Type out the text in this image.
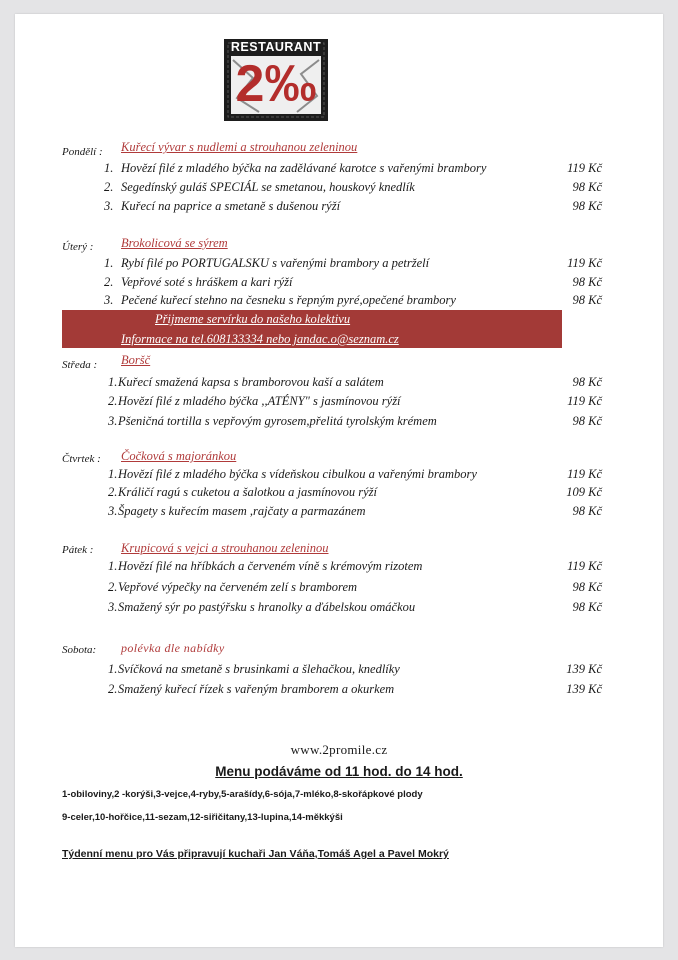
RESTAURANT
2‰
Pondělí : Kuřecí vývar s nudlemi a strouhanou zeleninou
1. Hovězí filé z mladého býčka na zadělávané karotce s vařenými brambory	119 Kč
2. Segedínský guláš SPECIÁL se smetanou, houskový knedlík	98 Kč
3. Kuřecí na paprice a smetaně s dušenou rýží	98 Kč
Úterý : Brokolicová se sýrem
1. Rybí filé po PORTUGALSKU s vařenými brambory a petrželí	119 Kč
2. Vepřové soté s hráškem a kari rýží	98 Kč
3. Pečené kuřecí stehno na česneku s řepným pyré,opečené brambory	98 Kč
Přijmeme servírku do našeho kolektivu
Informace na tel.608133334 nebo jandac.o@seznam.cz
Středa : Boršč
1. Kuřecí smažená kapsa s bramborovou kaší a salátem	98 Kč
2. Hovězí filé z mladého býčka ,,ATÉNY" s jasmínovou rýží	119 Kč
3. Pšeničná tortilla s vepřovým gyrosem,přelitá tyrolským krémem	98 Kč
Čtvrtek : Čočková s majoránkou
1. Hovězí filé z mladého býčka s vídeňskou cibulkou a vařenými brambory	119 Kč
2. Králičí ragú s cuketou a šalotkou a jasmínovou rýží	109 Kč
3. Špagety s kuřecím masem ,rajčaty a parmazánem	98 Kč
Pátek : Krupicová s vejci a strouhanou zeleninou
1. Hovězí filé na hříbkách a červeném víně s krémovým rizotem	119 Kč
2. Vepřové výpečky na červeném zelí s bramborem	98 Kč
3. Smažený sýr po pastýřsku s hranolky a ďábelskou omáčkou	98 Kč
Sobota: polévka dle nabídky
1. Svíčková na smetaně s brusinkami a šlehačkou, knedlíky	139 Kč
2. Smažený kuřecí řízek s vařeným bramborem a okurkem	139 Kč
www.2promile.cz
Menu podáváme od 11 hod. do 14 hod.
1-obiloviny,2 -korýši,3-vejce,4-ryby,5-arašídy,6-sója,7-mléko,8-skořápkové plody
9-celer,10-hořčice,11-sezam,12-siřičitany,13-lupina,14-měkkýši
Týdenní menu pro Vás připravují kuchaři Jan Váňa,Tomáš Agel a Pavel Mokrý
